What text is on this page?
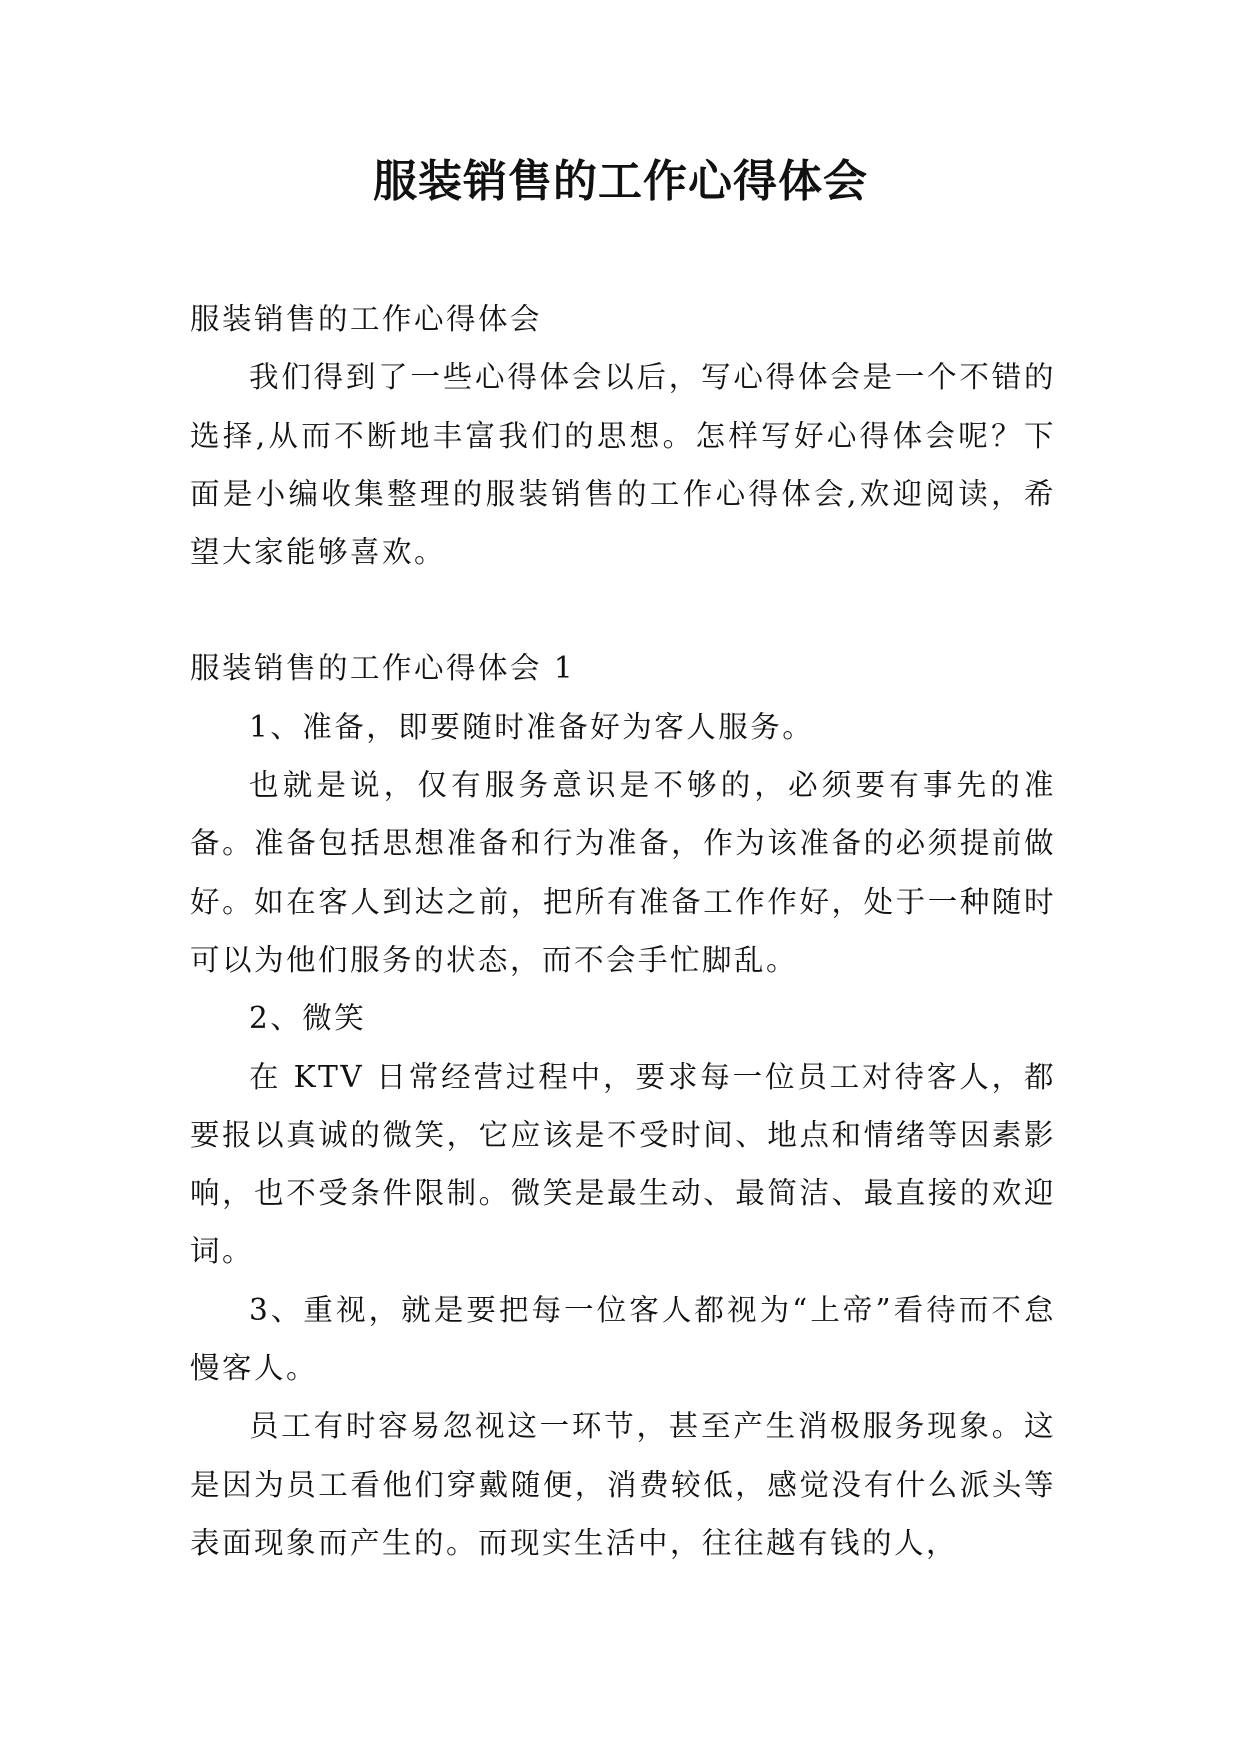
服装销售的工作心得体会

服装销售的工作心得体会

我们得到了一些心得体会以后，写心得体会是一个不错的选择,从而不断地丰富我们的思想。怎样写好心得体会呢？下面是小编收集整理的服装销售的工作心得体会,欢迎阅读，希望大家能够喜欢。

服装销售的工作心得体会 1

1、准备，即要随时准备好为客人服务。

也就是说，仅有服务意识是不够的，必须要有事先的准备。准备包括思想准备和行为准备，作为该准备的必须提前做好。如在客人到达之前，把所有准备工作作好，处于一种随时可以为他们服务的状态，而不会手忙脚乱。

2、微笑

在 KTV 日常经营过程中，要求每一位员工对待客人，都要报以真诚的微笑，它应该是不受时间、地点和情绪等因素影响，也不受条件限制。微笑是最生动、最简洁、最直接的欢迎词。

3、重视，就是要把每一位客人都视为“上帝”看待而不怠慢客人。

员工有时容易忽视这一环节，甚至产生消极服务现象。这是因为员工看他们穿戴随便，消费较低，感觉没有什么派头等表面现象而产生的。而现实生活中，往往越有钱的人，
